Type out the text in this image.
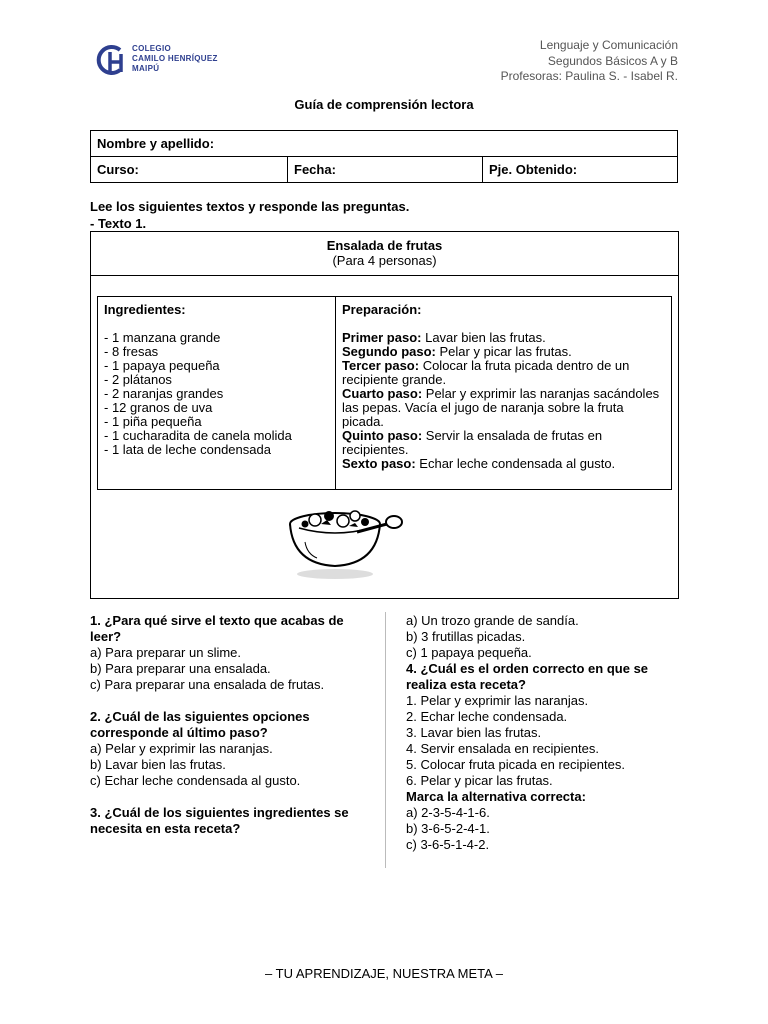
COLEGIO
CAMILO HENRÍQUEZ
MAIPÚ
Lenguaje y Comunicación
Segundos Básicos A y B
Profesoras: Paulina S. - Isabel R.
Guía de comprensión lectora
Nombre y apellido:
Curso:	Fecha:	Pje. Obtenido:
Lee los siguientes textos y responde las preguntas.
- Texto 1.
Ensalada de frutas
(Para 4 personas)
Ingredientes:
- 1 manzana grande
- 8 fresas
- 1 papaya pequeña
- 2 plátanos
- 2 naranjas grandes
- 12 granos de uva
- 1 piña pequeña
- 1 cucharadita de canela molida
- 1 lata de leche condensada
Preparación:
Primer paso: Lavar bien las frutas.
Segundo paso: Pelar y picar las frutas.
Tercer paso: Colocar la fruta picada dentro de un recipiente grande.
Cuarto paso: Pelar y exprimir las naranjas sacándoles las pepas. Vacía el jugo de naranja sobre la fruta picada.
Quinto paso: Servir la ensalada de frutas en recipientes.
Sexto paso: Echar leche condensada al gusto.
1. ¿Para qué sirve el texto que acabas de leer?
a) Para preparar un slime.
b) Para preparar una ensalada.
c) Para preparar una ensalada de frutas.
2. ¿Cuál de las siguientes opciones corresponde al último paso?
a) Pelar y exprimir las naranjas.
b) Lavar bien las frutas.
c) Echar leche condensada al gusto.
3. ¿Cuál de los siguientes ingredientes se necesita en esta receta?
a) Un trozo grande de sandía.
b) 3 frutillas picadas.
c) 1 papaya pequeña.
4. ¿Cuál es el orden correcto en que se realiza esta receta?
1. Pelar y exprimir las naranjas.
2. Echar leche condensada.
3. Lavar bien las frutas.
4. Servir ensalada en recipientes.
5. Colocar fruta picada en recipientes.
6. Pelar y picar las frutas.
Marca la alternativa correcta:
a) 2-3-5-4-1-6.
b) 3-6-5-2-4-1.
c) 3-6-5-1-4-2.
– TU APRENDIZAJE, NUESTRA META –
